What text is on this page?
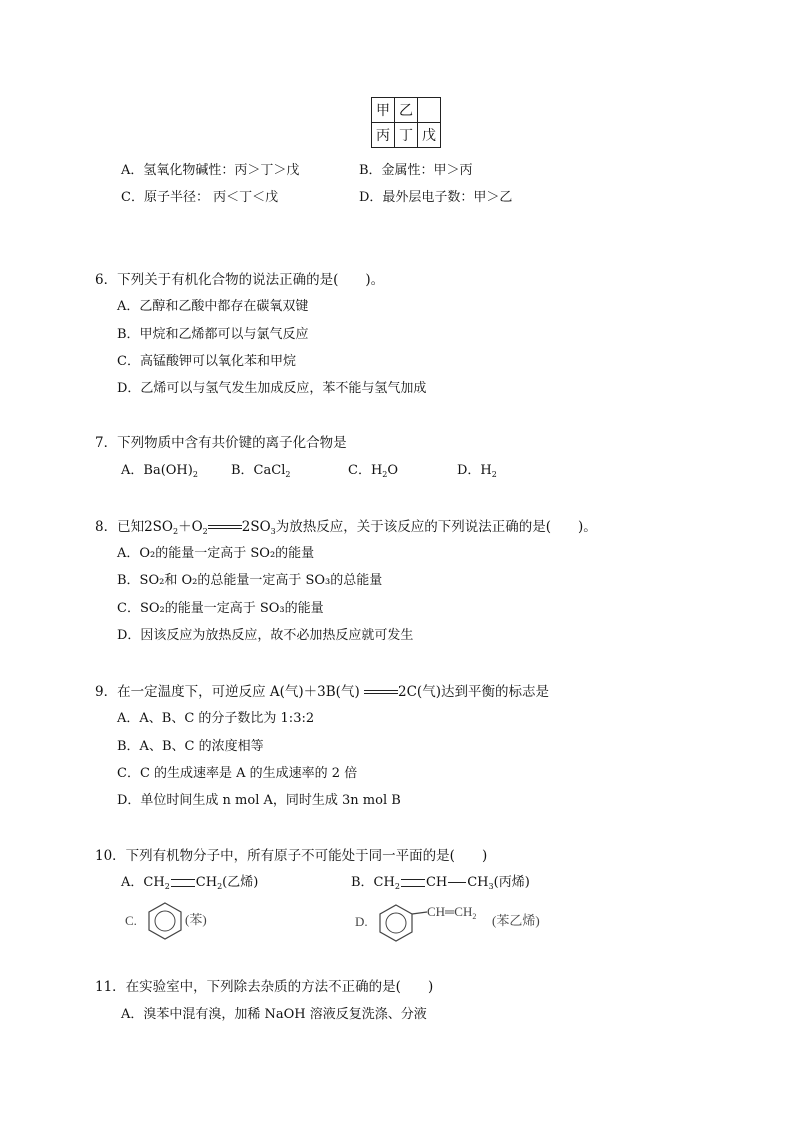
甲	乙	
丙	丁	戊
A．氢氧化物碱性：丙＞丁＞戊	B．金属性：甲＞丙
C．原子半径： 丙＜丁＜戊	D．最外层电子数：甲＞乙
6．下列关于有机化合物的说法正确的是(　　)。
A．乙醇和乙酸中都存在碳氧双键
B．甲烷和乙烯都可以与氯气反应
C．高锰酸钾可以氧化苯和甲烷
D．乙烯可以与氢气发生加成反应，苯不能与氢气加成
7．下列物质中含有共价键的离子化合物是
A．$Ba(OH)_2$	B．CaCl$_2$	C．$H_2O$	D．$H_2$
8．已知$2SO_2+O_2$	$2SO_3$为放热反应，关于该反应的下列说法正确的是(　　)。
A．O₂的能量一定高于 SO₂的能量
B．SO₂和 O₂的总能量一定高于 SO₃的总能量
C．SO₂的能量一定高于 SO₃的能量
D．因该反应为放热反应，故不必加热反应就可发生
9．在一定温度下，可逆反应 A(气)＋3B(气)	2C(气)达到平衡的标志是
A．A、B、C 的分子数比为 1:3:2
B．A、B、C 的浓度相等
C．C 的生成速率是 A 的生成速率的 2 倍
D．单位时间生成 n mol A，同时生成 3n mol B
10．下列有机物分子中，所有原子不可能处于同一平面的是(　　)
A．$CH_2$ $CH_2$(乙烯)	B．$CH_2$ CH $CH_3$(丙烯)
C.	(苯)	D.
$CH═CH_2$ (苯乙烯)
11．在实验室中，下列除去杂质的方法不正确的是(　　)
A．溴苯中混有溴，加稀 NaOH 溶液反复洗涤、分液
